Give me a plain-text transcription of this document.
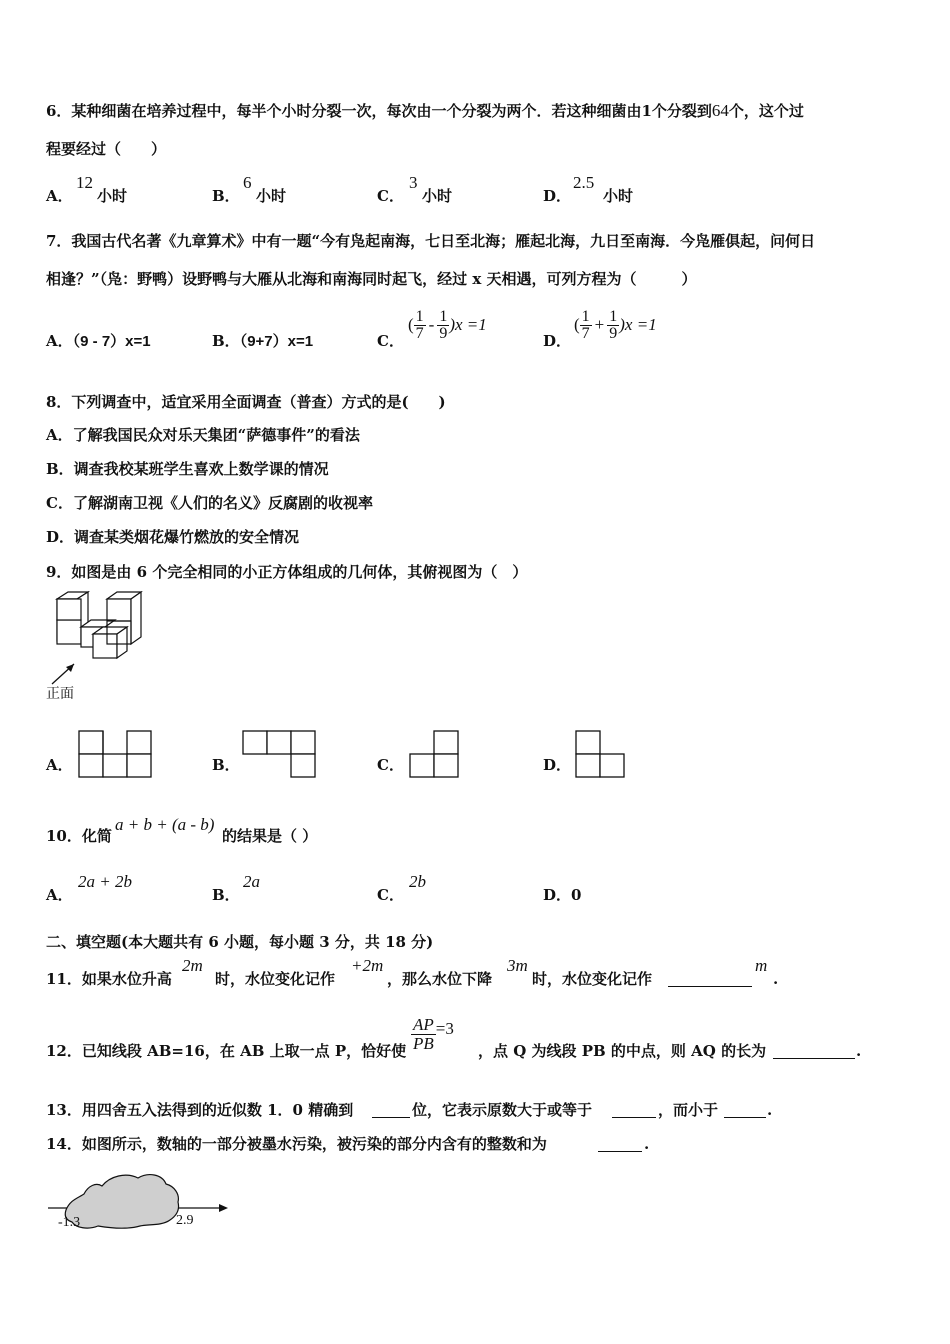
6．某种细菌在培养过程中，每半个小时分裂一次，每次由一个分裂为两个．若这种细菌由1个分裂到64个，这个过
程要经过（　　）
A．
12
小时	B．
6
小时	C．
3
小时	D．
2.5
小时
7．我国古代名著《九章算术》中有一题“今有凫起南海，七日至北海；雁起北海，九日至南海．今凫雁俱起，问何日
相逢？”（凫：野鸭）设野鸭与大雁从北海和南海同时起飞，经过 x 天相遇，可列方程为（　　　）
A．（9 - 7）x=1	B．（9+7）x=1	C．
( $\frac{1}{7} - \frac{1}{9} )x =1$
D．
( $\frac{1}{7} + \frac{1}{9} )x =1$
8．下列调查中，适宜采用全面调查（普查）方式的是(　　)
A．了解我国民众对乐天集团“萨德事件”的看法
B．调查我校某班学生喜欢上数学课的情况
C．了解湖南卫视《人们的名义》反腐剧的收视率
D．调查某类烟花爆竹燃放的安全情况
9．如图是由 6 个完全相同的小正方体组成的几何体，其俯视图为（　）
正面
A．	B．	C．	D．
10．化简
a + b + (a - b)
的结果是（ ）
A．
2a + 2b
B．
2a
C．
2b
D．0
二、填空题(本大题共有 6 小题，每小题 3 分，共 18 分)
11．如果水位升高
2m
时，水位变化记作
+2m
，那么水位下降
3m
时，水位变化记作
m
.
12．已知线段 AB=16，在 AB 上取一点 P，恰好使 $\frac{AP}{PB} =3$
，点 Q 为线段 PB 的中点，则 AQ 的长为	.
13．用四舍五入法得到的近似数 1．0 精确到	位，它表示原数大于或等于	，而小于	.
14．如图所示，数轴的一部分被墨水污染，被污染的部分内含有的整数和为	.
-1.3	2.9
